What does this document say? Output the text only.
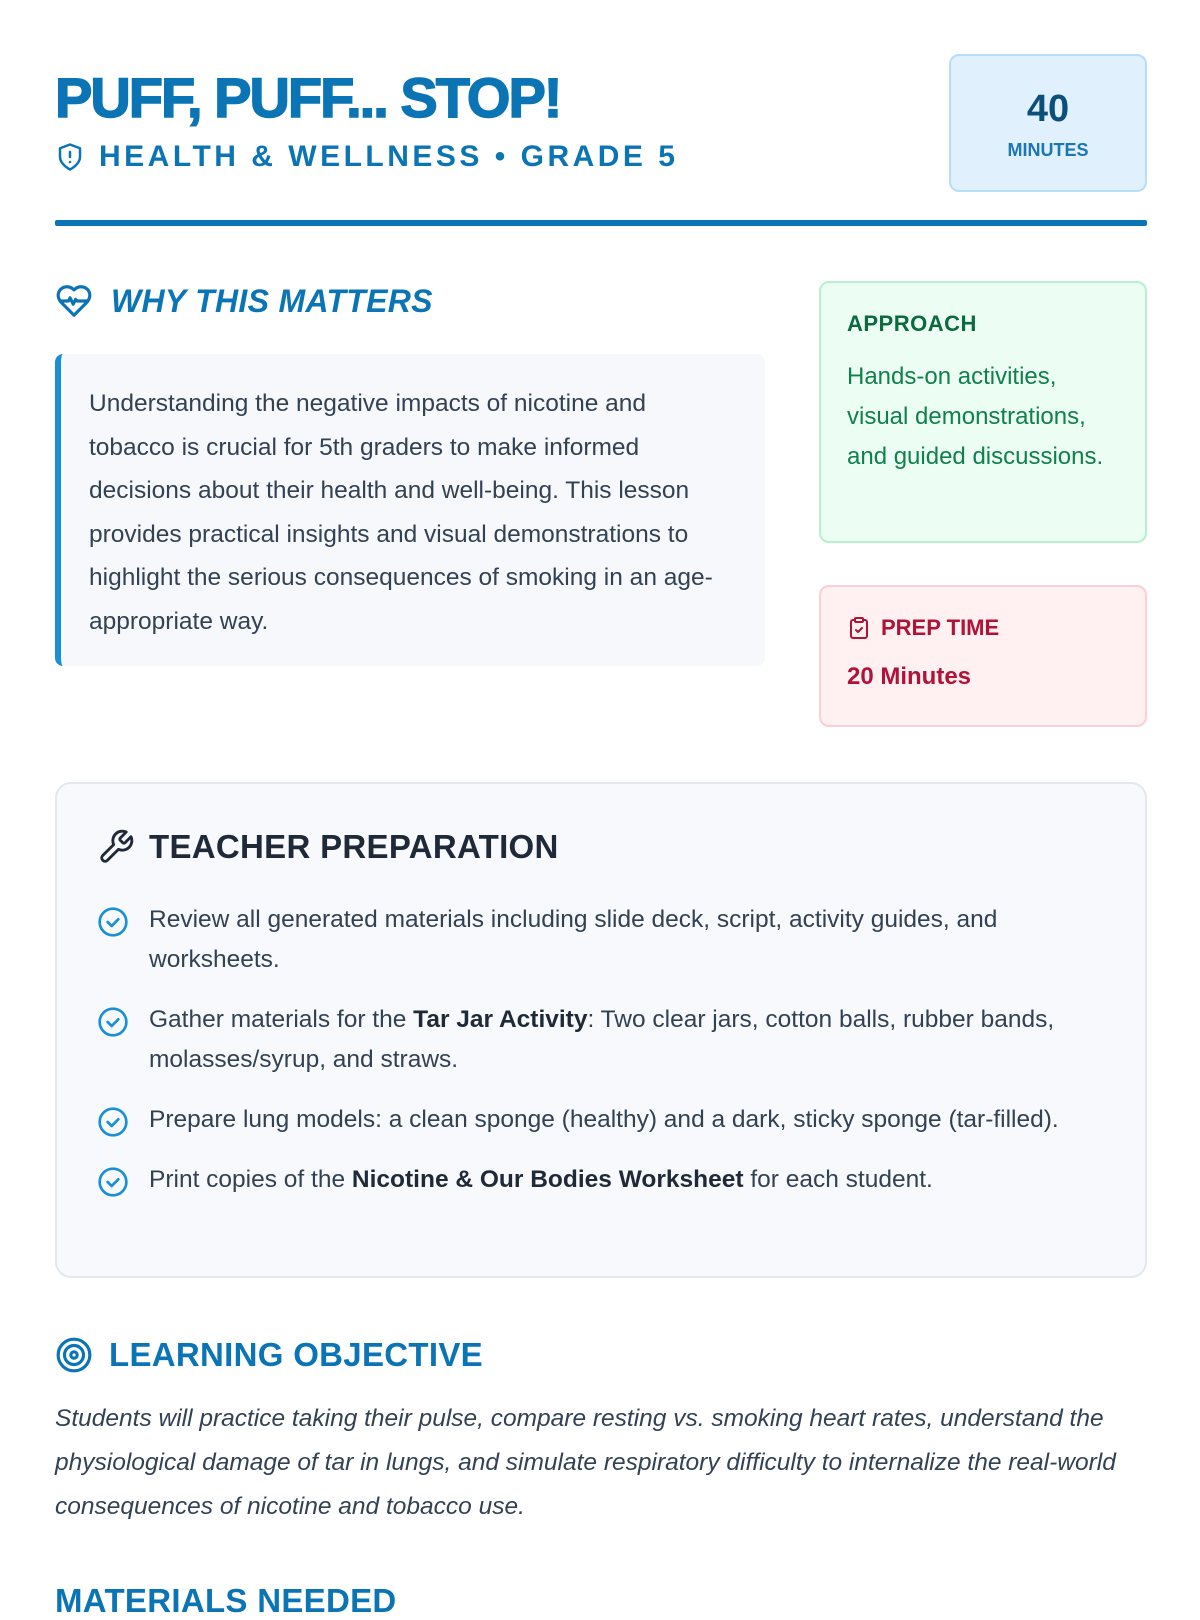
PUFF, PUFF... STOP!
HEALTH & WELLNESS • GRADE 5
40
MINUTES
WHY THIS MATTERS

Understanding the negative impacts of nicotine and tobacco is crucial for 5th graders to make informed decisions about their health and well-being. This lesson provides practical insights and visual demonstrations to highlight the serious consequences of smoking in an age-appropriate way.

APPROACH
Hands-on activities, visual demonstrations, and guided discussions.
PREP TIME
20 Minutes
TEACHER PREPARATION
Review all generated materials including slide deck, script, activity guides, and worksheets.
Gather materials for the Tar Jar Activity: Two clear jars, cotton balls, rubber bands, molasses/syrup, and straws.
Prepare lung models: a clean sponge (healthy) and a dark, sticky sponge (tar-filled).
Print copies of the Nicotine & Our Bodies Worksheet for each student.
LEARNING OBJECTIVE

Students will practice taking their pulse, compare resting vs. smoking heart rates, understand the physiological damage of tar in lungs, and simulate respiratory difficulty to internalize the real-world consequences of nicotine and tobacco use.

MATERIALS NEEDED
